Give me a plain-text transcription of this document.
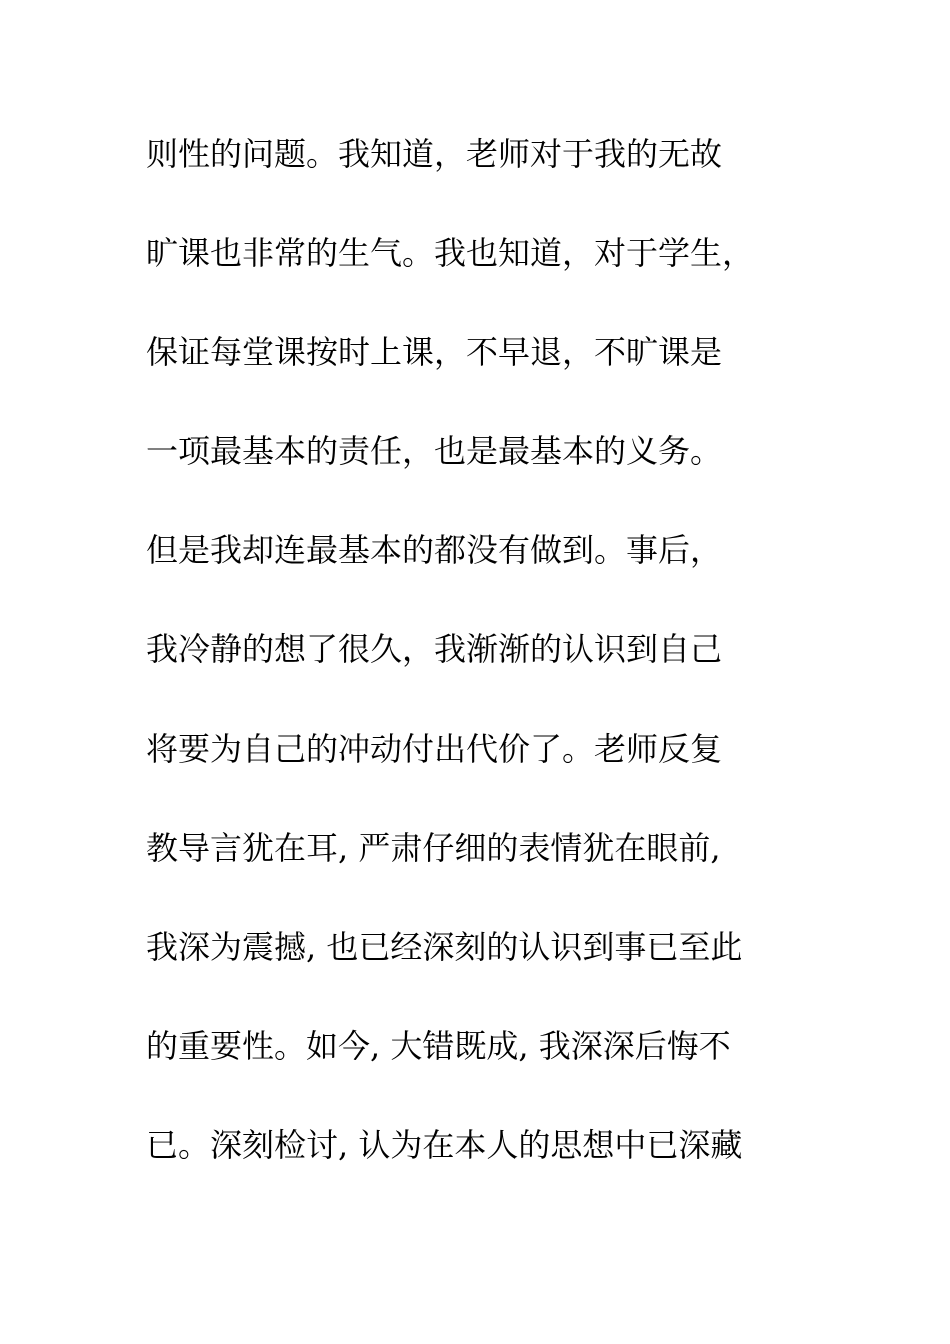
则性的问题。我知道，老师对于我的无故
旷课也非常的生气。我也知道，对于学生，
保证每堂课按时上课，不早退，不旷课是
一项最基本的责任，也是最基本的义务。
但是我却连最基本的都没有做到。事后，
我冷静的想了很久，我渐渐的认识到自己
将要为自己的冲动付出代价了。老师反复
教导言犹在耳, 严肃仔细的表情犹在眼前,
我深为震撼, 也已经深刻的认识到事已至此
的重要性。如今, 大错既成, 我深深后悔不
已。深刻检讨, 认为在本人的思想中已深藏
